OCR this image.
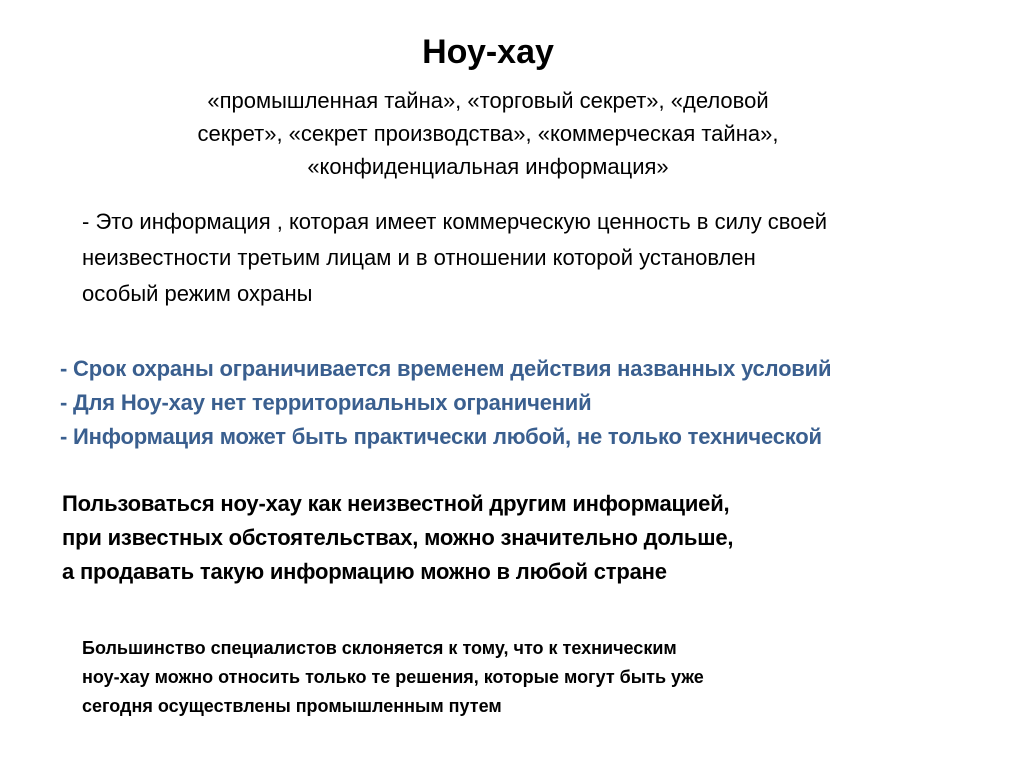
Ноу-хау
«промышленная тайна», «торговый секрет», «деловой
секрет», «секрет производства», «коммерческая тайна»,
«конфиденциальная информация»
- Это информация , которая имеет коммерческую ценность в силу своей
неизвестности третьим лицам и в отношении которой установлен
особый режим охраны
- Срок охраны ограничивается временем действия названных условий
- Для Ноу-хау нет территориальных ограничений
- Информация может быть практически любой, не только технической
Пользоваться ноу-хау как неизвестной другим информацией,
при известных обстоятельствах, можно значительно дольше,
а продавать такую информацию можно в любой стране
Большинство специалистов склоняется к тому, что к техническим
ноу-хау можно относить только те решения, которые могут быть уже
сегодня осуществлены промышленным путем
